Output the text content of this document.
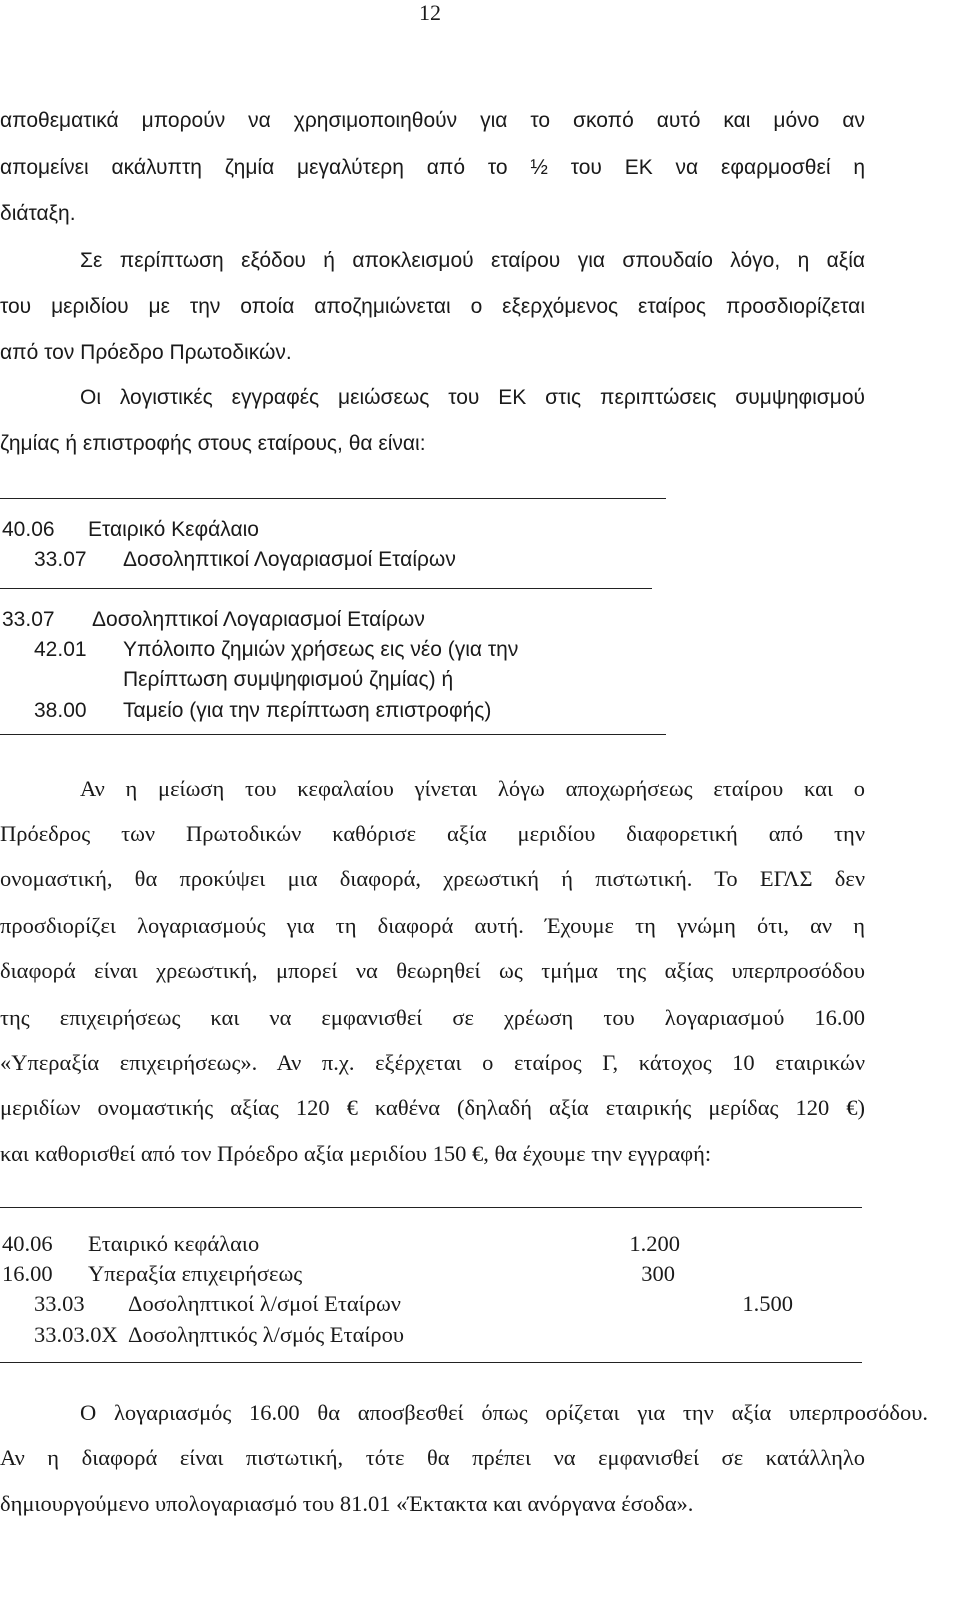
12
αποθεματικά μπορούν να χρησιμοποιηθούν για το σκοπό αυτό και μόνο αν
απομείνει ακάλυπτη ζημία μεγαλύτερη από το ½ του ΕΚ να εφαρμοσθεί η
διάταξη.
Σε περίπτωση εξόδου ή αποκλεισμού εταίρου για σπουδαίο λόγο, η αξία
του μεριδίου με την οποία αποζημιώνεται ο εξερχόμενος εταίρος προσδιορίζεται
από τον Πρόεδρο Πρωτοδικών.
Οι λογιστικές εγγραφές μειώσεως του ΕΚ στις περιπτώσεις συμψηφισμού
ζημίας ή επιστροφής στους εταίρους, θα είναι:
40.06 Εταιρικό Κεφάλαιο
33.07 Δοσοληπτικοί Λογαριασμοί Εταίρων
33.07 Δοσοληπτικοί Λογαριασμοί Εταίρων
42.01 Υπόλοιπο ζημιών χρήσεως εις νέο (για την
Περίπτωση συμψηφισμού ζημίας) ή
38.00 Ταμείο (για την περίπτωση επιστροφής)
Αν η μείωση του κεφαλαίου γίνεται λόγω αποχωρήσεως εταίρου και ο
Πρόεδρος των Πρωτοδικών καθόρισε αξία μεριδίου διαφορετική από την
ονομαστική, θα προκύψει μια διαφορά, χρεωστική ή πιστωτική. Το ΕΓΛΣ δεν
προσδιορίζει λογαριασμούς για τη διαφορά αυτή. Έχουμε τη γνώμη ότι, αν η
διαφορά είναι χρεωστική, μπορεί να θεωρηθεί ως τμήμα της αξίας υπερπροσόδου
της επιχειρήσεως και να εμφανισθεί σε χρέωση του λογαριασμού 16.00
«Υπεραξία επιχειρήσεως». Αν π.χ. εξέρχεται ο εταίρος Γ, κάτοχος 10 εταιρικών
μεριδίων ονομαστικής αξίας 120 € καθένα (δηλαδή αξία εταιρικής μερίδας 120 €)
και καθορισθεί από τον Πρόεδρο αξία μεριδίου 150 €, θα έχουμε την εγγραφή:
40.06 Εταιρικό κεφάλαιο	1.200
16.00 Υπεραξία επιχειρήσεως	300
33.03 Δοσοληπτικοί λ/σμοί Εταίρων	1.500
33.03.0Χ Δοσοληπτικός λ/σμός Εταίρου
Ο λογαριασμός 16.00 θα αποσβεσθεί όπως ορίζεται για την αξία υπερπροσόδου.
Αν η διαφορά είναι πιστωτική, τότε θα πρέπει να εμφανισθεί σε κατάλληλο
δημιουργούμενο υπολογαριασμό του 81.01 «Έκτακτα και ανόργανα έσοδα».
